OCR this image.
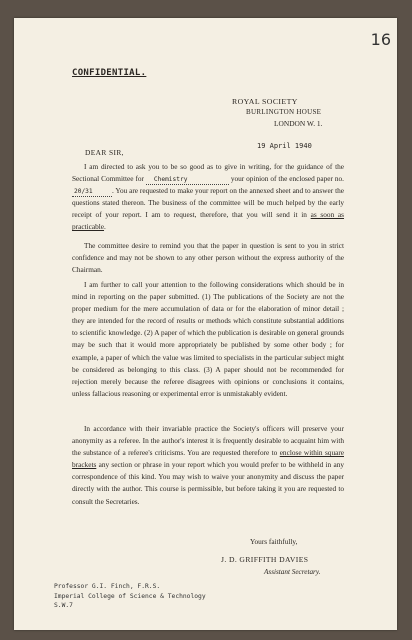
16
CONFIDENTIAL.
ROYAL SOCIETY
BURLINGTON HOUSE
LONDON W. 1.
19 April 1940
DEAR SIR,

I am directed to ask you to be so good as to give in writing, for the guidance of the Sectional Committee for Chemistry	your opinion of the enclosed paper no. 20/31	. You are requested to make your report on the annexed sheet and to answer the questions stated thereon. The business of the committee will be much helped by the early receipt of your report. I am to request, therefore, that you will send it in as soon as practicable.

The committee desire to remind you that the paper in question is sent to you in strict confidence and may not be shown to any other person without the express authority of the Chairman.

I am further to call your attention to the following considerations which should be in mind in reporting on the paper submitted. (1) The publications of the Society are not the proper medium for the mere accumulation of data or for the elaboration of minor detail ; they are intended for the record of results or methods which constitute substantial additions to scientific knowledge. (2) A paper of which the publication is desirable on general grounds may be such that it would more appropriately be published by some other body ; for example, a paper of which the value was limited to specialists in the particular subject might be considered as belonging to this class. (3) A paper should not be recommended for rejection merely because the referee disagrees with opinions or conclusions it contains, unless fallacious reasoning or experimental error is unmistakably evident.

In accordance with their invariable practice the Society's officers will preserve your anonymity as a referee. In the author's interest it is frequently desirable to acquaint him with the substance of a referee's criticisms. You are requested therefore to enclose within square brackets any section or phrase in your report which you would prefer to be withheld in any correspondence of this kind. You may wish to waive your anonymity and discuss the paper directly with the author. This course is permissible, but before taking it you are requested to consult the Secretaries.

Yours faithfully,
J. D. GRIFFITH DAVIES
Assistant Secretary.
Professor G.I. Finch, F.R.S.
Imperial College of Science & Technology
S.W.7
